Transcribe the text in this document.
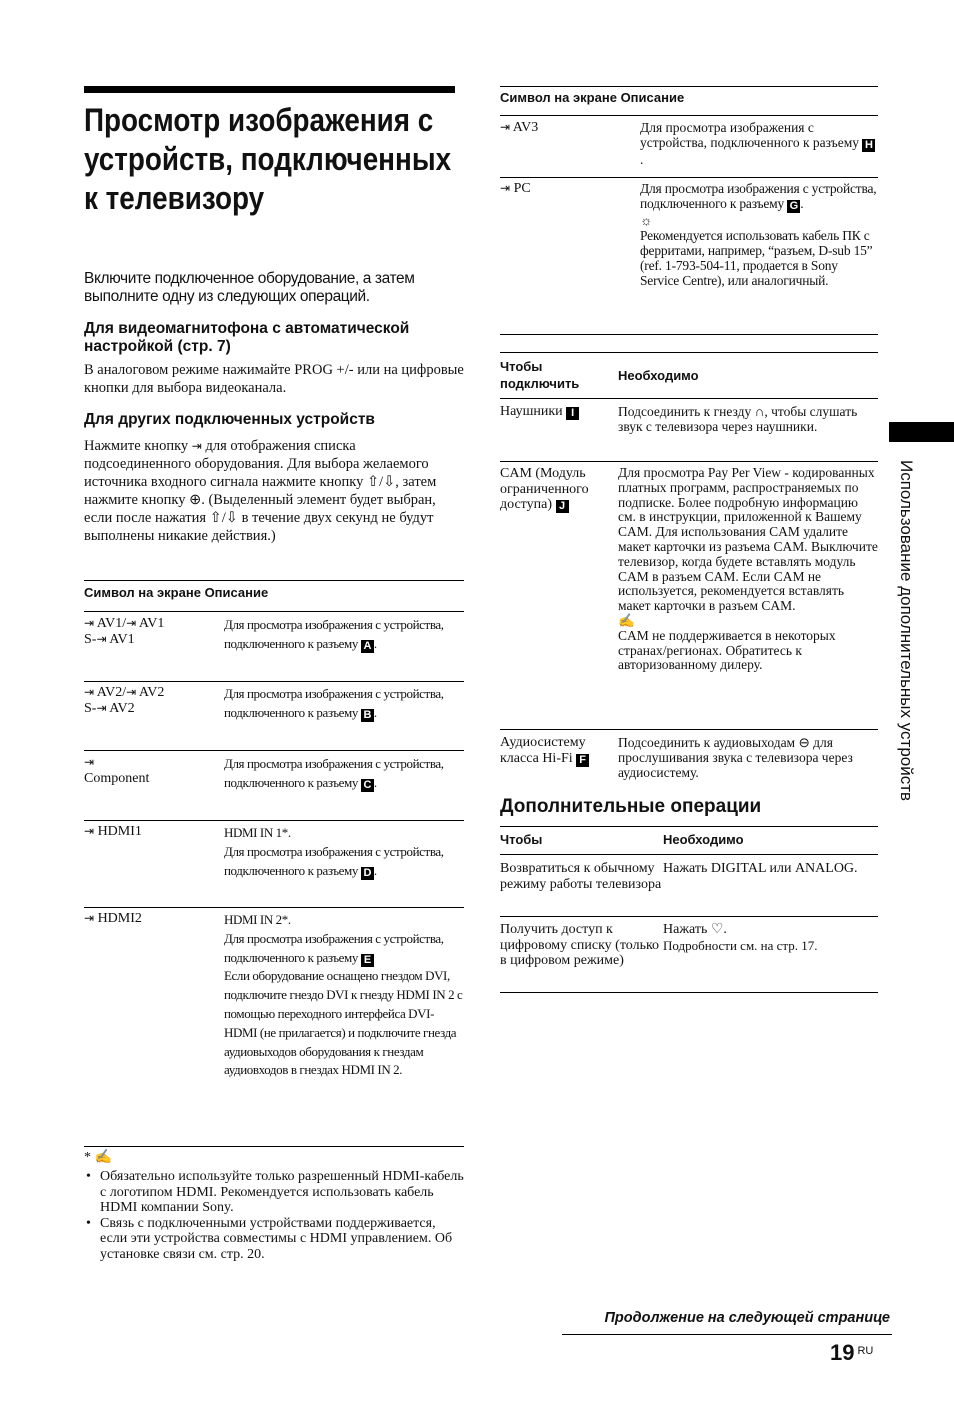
Просмотр изображения с устройств, подключенных к телевизору
Включите подключенное оборудование, а затем выполните одну из следующих операций.
Для видеомагнитофона с автоматической настройкой (стр. 7)
В аналоговом режиме нажимайте PROG +/- или на цифровые кнопки для выбора видеоканала.
Для других подключенных устройств
Нажмите кнопку ⇥ для отображения списка подсоединенного оборудования. Для выбора желаемого источника входного сигнала нажмите кнопку ⇧/⇩, затем нажмите кнопку ⊕. (Выделенный элемент будет выбран, если после нажатия ⇧/⇩ в течение двух секунд не будут выполнены никакие действия.)
Символ на экране Описание
⇥ AV1/⇥ AV1
S-⇥ AV1	Для просмотра изображения с устройства, подключенного к разъему A .
⇥ AV2/⇥ AV2
S-⇥ AV2	Для просмотра изображения с устройства, подключенного к разъему B .
⇥
Component	Для просмотра изображения с устройства, подключенного к разъему C .
⇥ HDMI1	HDMI IN 1*.
Для просмотра изображения с устройства, подключенного к разъему D .
⇥ HDMI2	HDMI IN 2*.
Для просмотра изображения с устройства, подключенного к разъему E
Если оборудование оснащено гнездом DVI, подключите гнездо DVI к гнезду HDMI IN 2 с помощью переходного интерфейса DVI-HDMI (не прилагается) и подключите гнезда аудиовыходов оборудования к гнездам аудиовходов в гнездах HDMI IN 2.
* ✍
• Обязательно используйте только разрешенный HDMI-кабель с логотипом HDMI. Рекомендуется использовать кабель HDMI компании Sony.
• Связь с подключенными устройствами поддерживается, если эти устройства совместимы с HDMI управлением. Об установке связи см. стр. 20.
Символ на экране Описание
⇥ AV3	Для просмотра изображения с устройства, подключенного к разъему H.
⇥ PC	Для просмотра изображения с устройства, подключенного к разъему G .
☼
Рекомендуется использовать кабель ПК с ферритами, например, “разъем, D-sub 15” (ref. 1-793-504-11, продается в Sony Service Centre), или аналогичный.
Чтобы подключить	Необходимо
Наушники I	Подсоединить к гнезду ∩, чтобы слушать звук с телевизора через наушники.
CAM (Модуль ограниченного доступа) J	Для просмотра Pay Per View - кодированных платных программ, распространяемых по подписке. Более подробную информацию см. в инструкции, приложенной к Вашему CAM. Для использования CAM удалите макет карточки из разъема CAM. Выключите телевизор, когда будете вставлять модуль CAM в разъем CAM. Если CAM не используется, рекомендуется вставлять макет карточки в разъем CAM.
✍
CAM не поддерживается в некоторых странах/регионах. Обратитесь к авторизованному дилеру.
Аудиосистему класса Hi-Fi F	Подсоединить к аудиовыходам ⊖ для прослушивания звука с телевизора через аудиосистему.
Дополнительные операции
Чтобы	Необходимо
Возвратиться к обычному режиму работы телевизора	Нажать DIGITAL или ANALOG.
Получить доступ к цифровому списку (только в цифровом режиме)	Нажать ♡.
Подробности см. на стр. 17.
Использование дополнительных устройств
Продолжение на следующей странице
19 $^{RU}$
